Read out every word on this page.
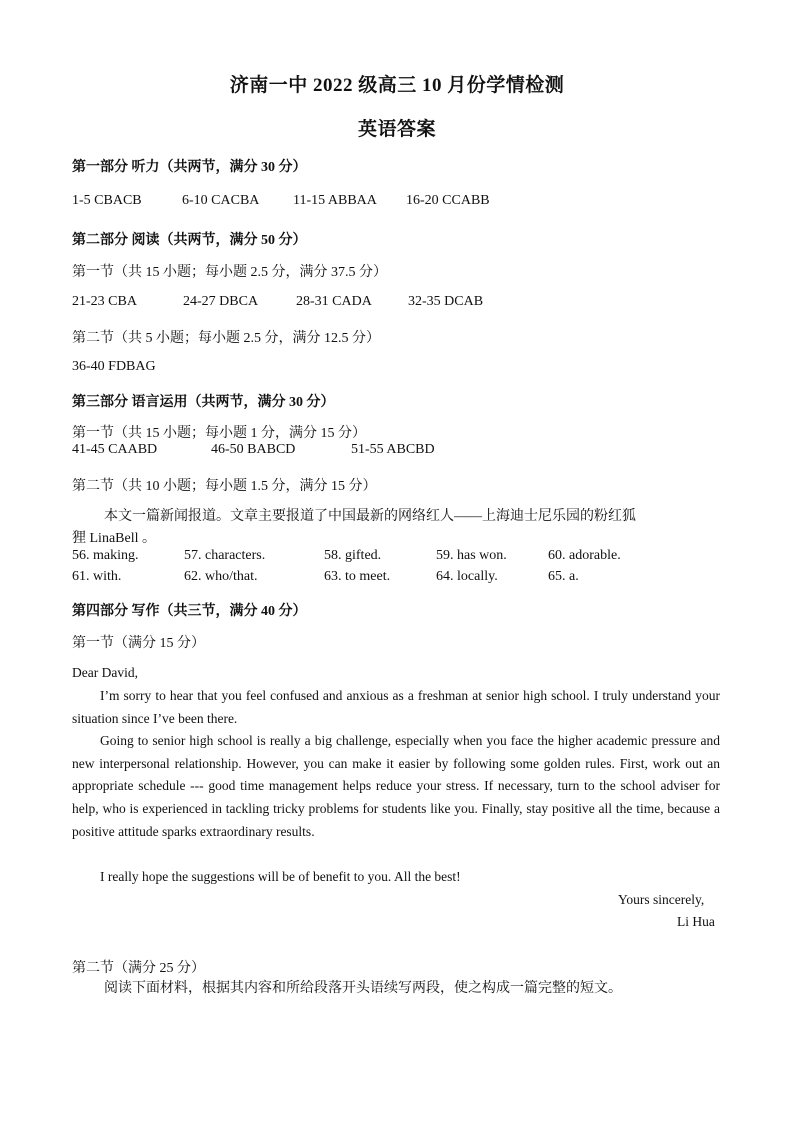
济南一中 2022 级高三 10 月份学情检测
英语答案
第一部分 听力（共两节，满分 30 分）
1-5 CBACB	6-10 CACBA 11-15 ABBAA 16-20 CCABB
第二部分 阅读（共两节，满分 50 分）
第一节（共 15 小题；每小题 2.5 分，满分 37.5 分）
21-23 CBA	24-27 DBCA	28-31 CADA	32-35 DCAB
第二节（共 5 小题；每小题 2.5 分，满分 12.5 分）
36-40 FDBAG
第三部分 语言运用（共两节，满分 30 分）
第一节（共 15 小题；每小题 1 分，满分 15 分）
41-45 CAABD	46-50 BABCD	51-55 ABCBD
第二节（共 10 小题；每小题 1.5 分，满分 15 分）
本文一篇新闻报道。文章主要报道了中国最新的网络红人——上海迪士尼乐园的粉红狐
狸 LinaBell 。
56. making.	57. characters.	58. gifted.	59. has won.	60. adorable.
61. with.	62. who/that.	63. to meet.	64. locally.	65. a.
第四部分 写作（共三节，满分 40 分）
第一节（满分 15 分）
Dear David,
I’m sorry to hear that you feel confused and anxious as a freshman at senior high school. I truly understand your situation since I’ve been there.
Going to senior high school is really a big challenge, especially when you face the higher academic pressure and new interpersonal relationship. However, you can make it easier by following some golden rules. First, work out an appropriate schedule --- good time management helps reduce your stress. If necessary, turn to the school adviser for help, who is experienced in tackling tricky problems for students like you. Finally, stay positive all the time, because a positive attitude sparks extraordinary results.
I really hope the suggestions will be of benefit to you. All the best!
Yours sincerely,
Li Hua
第二节（满分 25 分）
阅读下面材料，根据其内容和所给段落开头语续写两段，使之构成一篇完整的短文。
